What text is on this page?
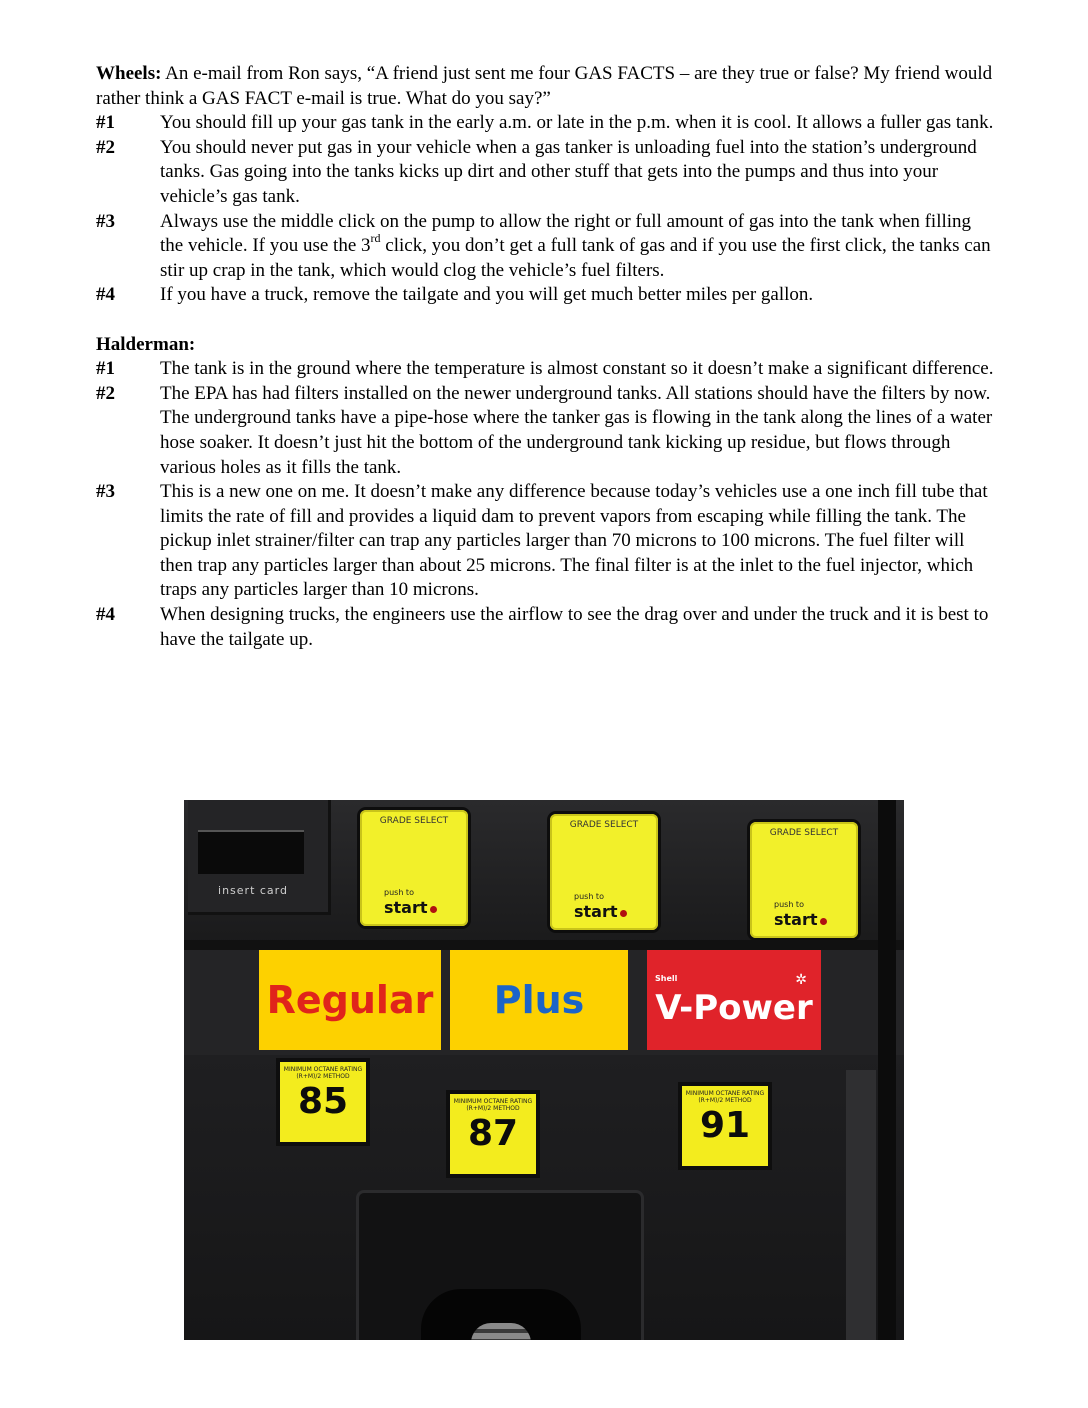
Wheels: An e-mail from Ron says, “A friend just sent me four GAS FACTS – are they true or false? My friend would rather think a GAS FACT e-mail is true. What do you say?”

#1	You should fill up your gas tank in the early a.m. or late in the p.m. when it is cool. It allows a fuller gas tank.
#2	You should never put gas in your vehicle when a gas tanker is unloading fuel into the station’s underground tanks. Gas going into the tanks kicks up dirt and other stuff that gets into the pumps and thus into your vehicle’s gas tank.
#3	Always use the middle click on the pump to allow the right or full amount of gas into the tank when filling the vehicle. If you use the 3rd click, you don’t get a full tank of gas and if you use the first click, the tanks can stir up crap in the tank, which would clog the vehicle’s fuel filters.
#4	If you have a truck, remove the tailgate and you will get much better miles per gallon.
Halderman:
#1	The tank is in the ground where the temperature is almost constant so it doesn’t make a significant difference.
#2	The EPA has had filters installed on the newer underground tanks. All stations should have the filters by now. The underground tanks have a pipe-hose where the tanker gas is flowing in the tank along the lines of a water hose soaker. It doesn’t just hit the bottom of the underground tank kicking up residue, but flows through various holes as it fills the tank.
#3	This is a new one on me. It doesn’t make any difference because today’s vehicles use a one inch fill tube that limits the rate of fill and provides a liquid dam to prevent vapors from escaping while filling the tank. The pickup inlet strainer/filter can trap any particles larger than 70 microns to 100 microns. The fuel filter will then trap any particles larger than about 25 microns. The final filter is at the inlet to the fuel injector, which traps any particles larger than 10 microns.
#4	When designing trucks, the engineers use the airflow to see the drag over and under the truck and it is best to have the tailgate up.
insert card
GRADE SELECT
push to
start
GRADE SELECT
push to
start
GRADE SELECT
push to
start
Regular	Plus	Shell	✲
V-Power
MINIMUM OCTANE RATING (R+M)/2 METHOD
85	MINIMUM OCTANE RATING (R+M)/2 METHOD
87
MINIMUM OCTANE RATING (R+M)/2 METHOD
91
